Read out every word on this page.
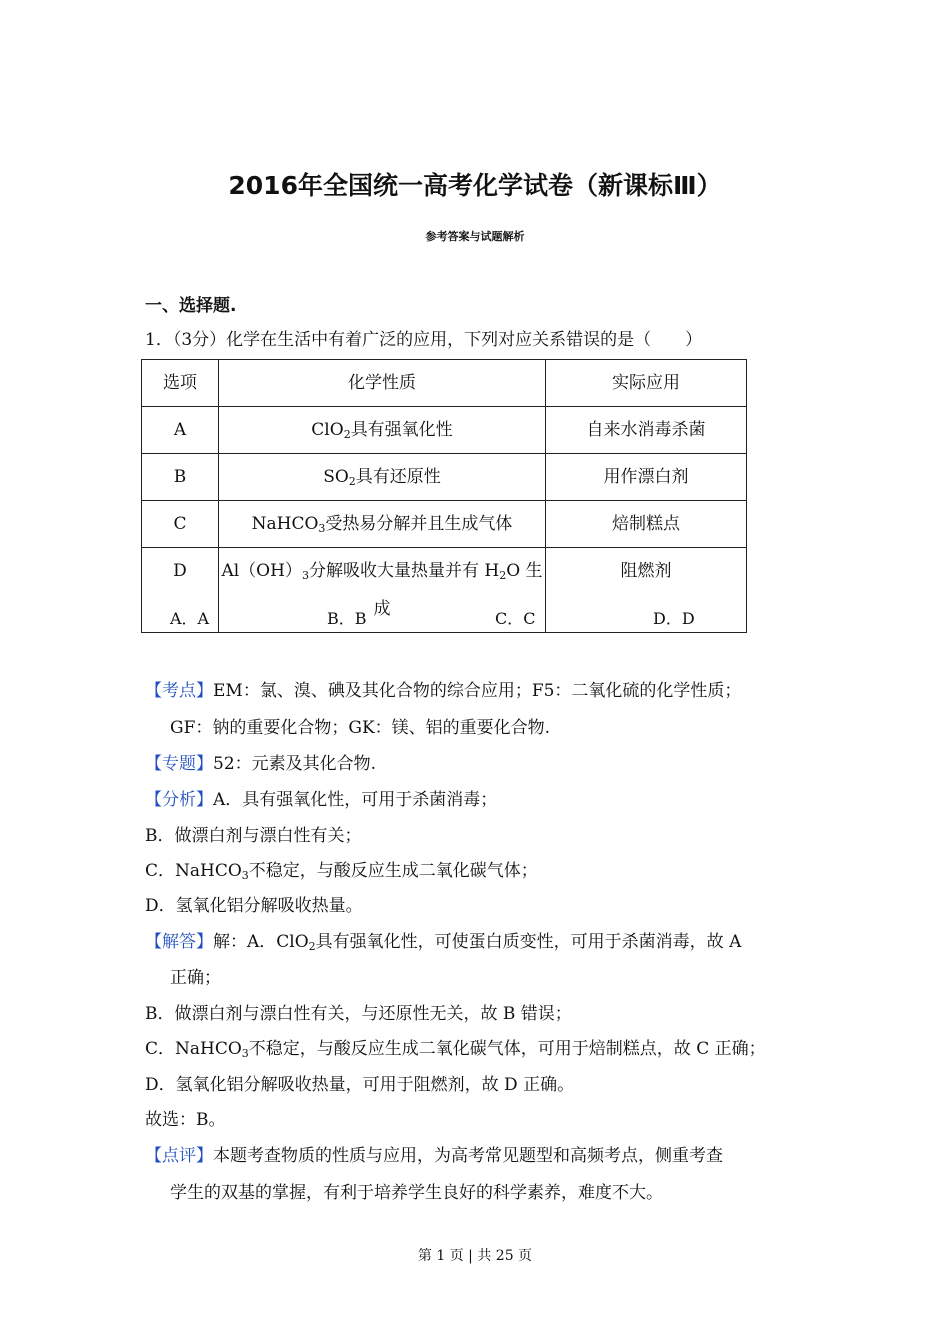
2016年全国统一高考化学试卷（新课标Ⅲ）
参考答案与试题解析
一、选择题.
1．（3分）化学在生活中有着广泛的应用，下列对应关系错误的是（　　）
选项	化学性质	实际应用
A	ClO$_2$具有强氧化性	自来水消毒杀菌
B	$SO_2$具有还原性	用作漂白剂
C	NaHCO$_3$受热易分解并且生成气体	焙制糕点
D	$Al(OH)_3$分解吸收大量热量并有 $H_2O$ 生成	阻燃剂
A．A	B．B	C．C	D．D
【考点】EM：氯、溴、碘及其化合物的综合应用；F5：二氧化硫的化学性质；
GF：钠的重要化合物；GK：镁、铝的重要化合物.
【专题】52：元素及其化合物.
【分析】A．具有强氧化性，可用于杀菌消毒；
B．做漂白剂与漂白性有关；
C．NaHCO$_3$不稳定，与酸反应生成二氧化碳气体；
D．氢氧化铝分解吸收热量。
【解答】解：A．ClO$_2$具有强氧化性，可使蛋白质变性，可用于杀菌消毒，故 A
正确；
B．做漂白剂与漂白性有关，与还原性无关，故 B 错误；
C．NaHCO$_3$不稳定，与酸反应生成二氧化碳气体，可用于焙制糕点，故 C 正确；
D．氢氧化铝分解吸收热量，可用于阻燃剂，故 D 正确。
故选：B。
【点评】本题考查物质的性质与应用，为高考常见题型和高频考点，侧重考查
学生的双基的掌握，有利于培养学生良好的科学素养，难度不大。
第 1 页 | 共 25 页
